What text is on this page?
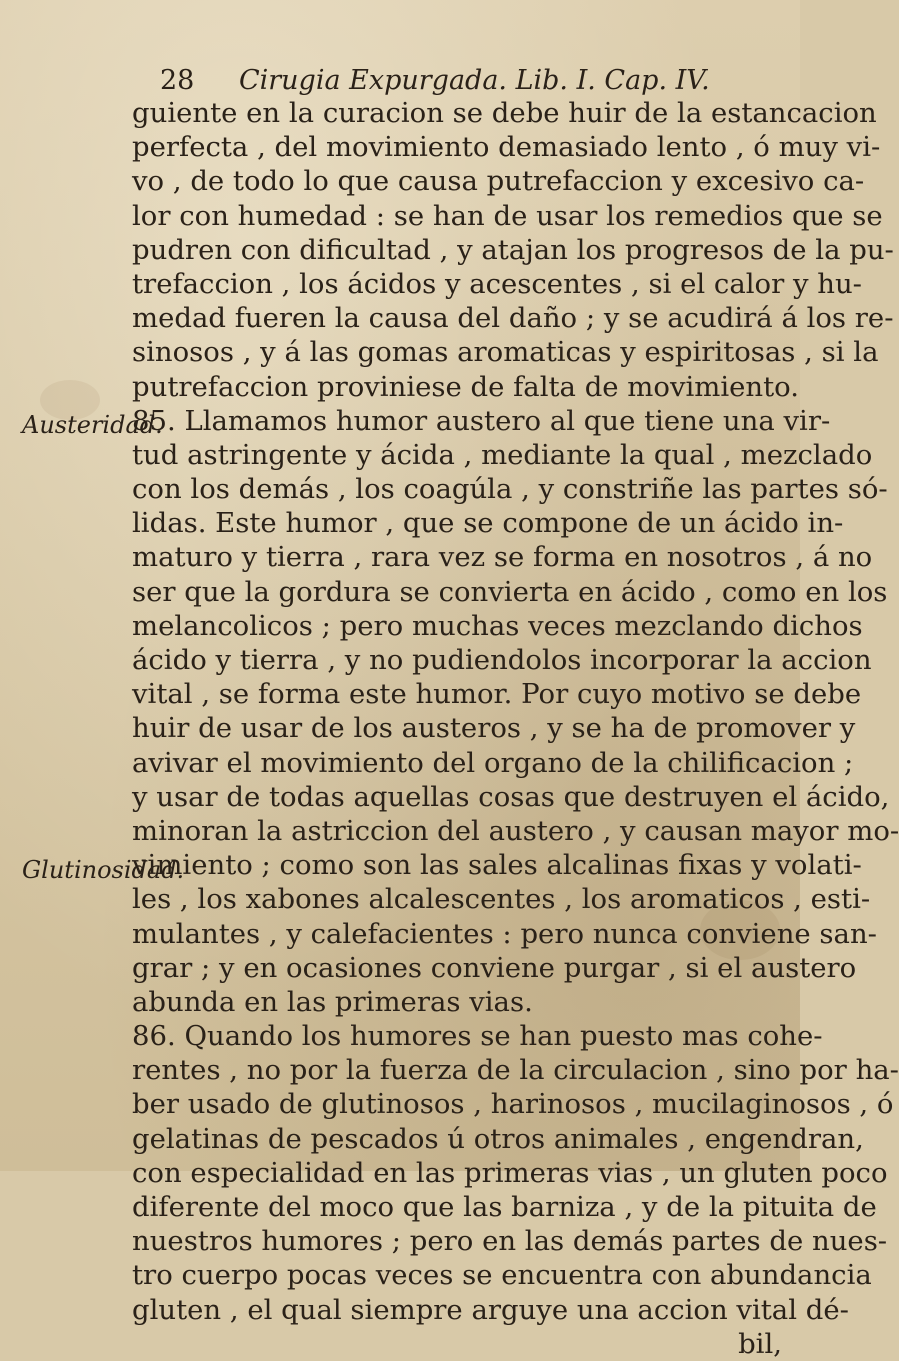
28 Cirugia Expurgada. Lib. I. Cap. IV.
Austeridad.
Glutinosidad.
guiente en la curacion se debe huir de la estancacion
perfecta , del movimiento demasiado lento , ó muy vi-
vo , de todo lo que causa putrefaccion y excesivo ca-
lor con humedad : se han de usar los remedios que se
pudren con dificultad , y atajan los progresos de la pu-
trefaccion , los ácidos y acescentes , si el calor y hu-
medad fueren la causa del daño ; y se acudirá á los re-
sinosos , y á las gomas aromaticas y espiritosas , si la
putrefaccion proviniese de falta de movimiento.
85. Llamamos humor austero al que tiene una vir-
tud astringente y ácida , mediante la qual , mezclado
con los demás , los coagúla , y constriñe las partes só-
lidas. Este humor , que se compone de un ácido in-
maturo y tierra , rara vez se forma en nosotros , á no
ser que la gordura se convierta en ácido , como en los
melancolicos ; pero muchas veces mezclando dichos
ácido y tierra , y no pudiendolos incorporar la accion
vital , se forma este humor. Por cuyo motivo se debe
huir de usar de los austeros , y se ha de promover y
avivar el movimiento del organo de la chilificacion ;
y usar de todas aquellas cosas que destruyen el ácido,
minoran la astriccion del austero , y causan mayor mo-
vimiento ; como son las sales alcalinas fixas y volati-
les , los xabones alcalescentes , los aromaticos , esti-
mulantes , y calefacientes : pero nunca conviene san-
grar ; y en ocasiones conviene purgar , si el austero
abunda en las primeras vias.
86. Quando los humores se han puesto mas cohe-
rentes , no por la fuerza de la circulacion , sino por ha-
ber usado de glutinosos , harinosos , mucilaginosos , ó
gelatinas de pescados ú otros animales , engendran,
con especialidad en las primeras vias , un gluten poco
diferente del moco que las barniza , y de la pituita de
nuestros humores ; pero en las demás partes de nues-
tro cuerpo pocas veces se encuentra con abundancia
gluten , el qual siempre arguye una accion vital dé-
bil,
